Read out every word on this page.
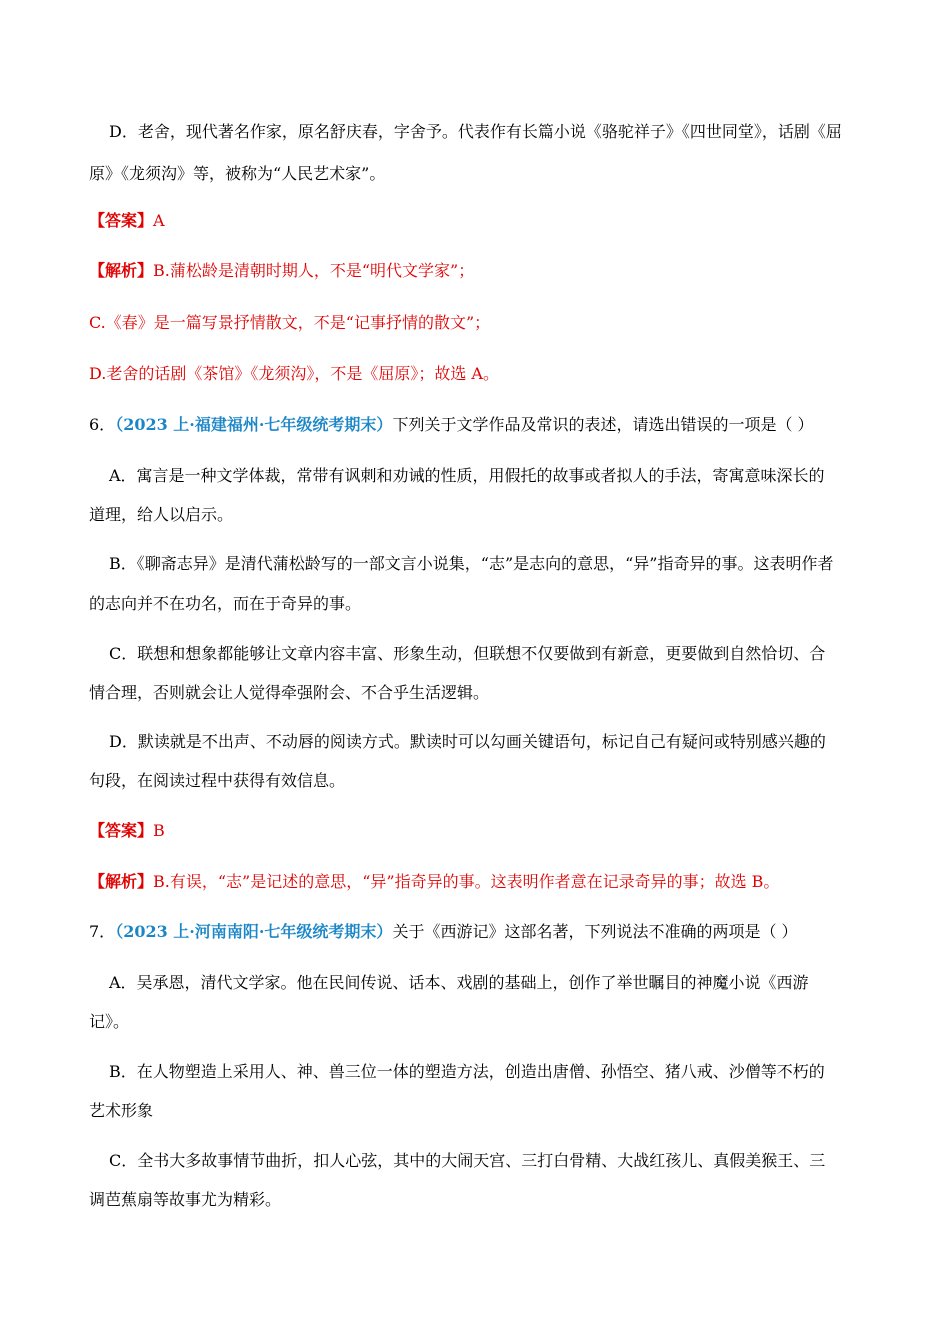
D．老舍，现代著名作家，原名舒庆春，字舍予。代表作有长篇小说《骆驼祥子》《四世同堂》，话剧《屈
原》《龙须沟》等，被称为“人民艺术家”。
【答案】A
【解析】B.蒲松龄是清朝时期人，不是“明代文学家”；
C.《春》是一篇写景抒情散文，不是“记事抒情的散文”；
D.老舍的话剧《茶馆》《龙须沟》，不是《屈原》；故选 A。
6．（2023 上·福建福州·七年级统考期末）下列关于文学作品及常识的表述，请选出错误的一项是（ ）
A．寓言是一种文学体裁，常带有讽刺和劝诫的性质，用假托的故事或者拟人的手法，寄寓意味深长的
道理，给人以启示。
B．《聊斋志异》是清代蒲松龄写的一部文言小说集，“志”是志向的意思，“异”指奇异的事。这表明作者
的志向并不在功名，而在于奇异的事。
C．联想和想象都能够让文章内容丰富、形象生动，但联想不仅要做到有新意，更要做到自然恰切、合
情合理，否则就会让人觉得牵强附会、不合乎生活逻辑。
D．默读就是不出声、不动唇的阅读方式。默读时可以勾画关键语句，标记自己有疑问或特别感兴趣的
句段，在阅读过程中获得有效信息。
【答案】B
【解析】B.有误，“志”是记述的意思，“异”指奇异的事。这表明作者意在记录奇异的事；故选 B。
7．（2023 上·河南南阳·七年级统考期末）关于《西游记》这部名著，下列说法不准确的两项是（ ）
A．吴承恩，清代文学家。他在民间传说、话本、戏剧的基础上，创作了举世瞩目的神魔小说《西游
记》。
B．在人物塑造上采用人、神、兽三位一体的塑造方法，创造出唐僧、孙悟空、猪八戒、沙僧等不朽的
艺术形象
C．全书大多故事情节曲折，扣人心弦，其中的大闹天宫、三打白骨精、大战红孩儿、真假美猴王、三
调芭蕉扇等故事尤为精彩。
